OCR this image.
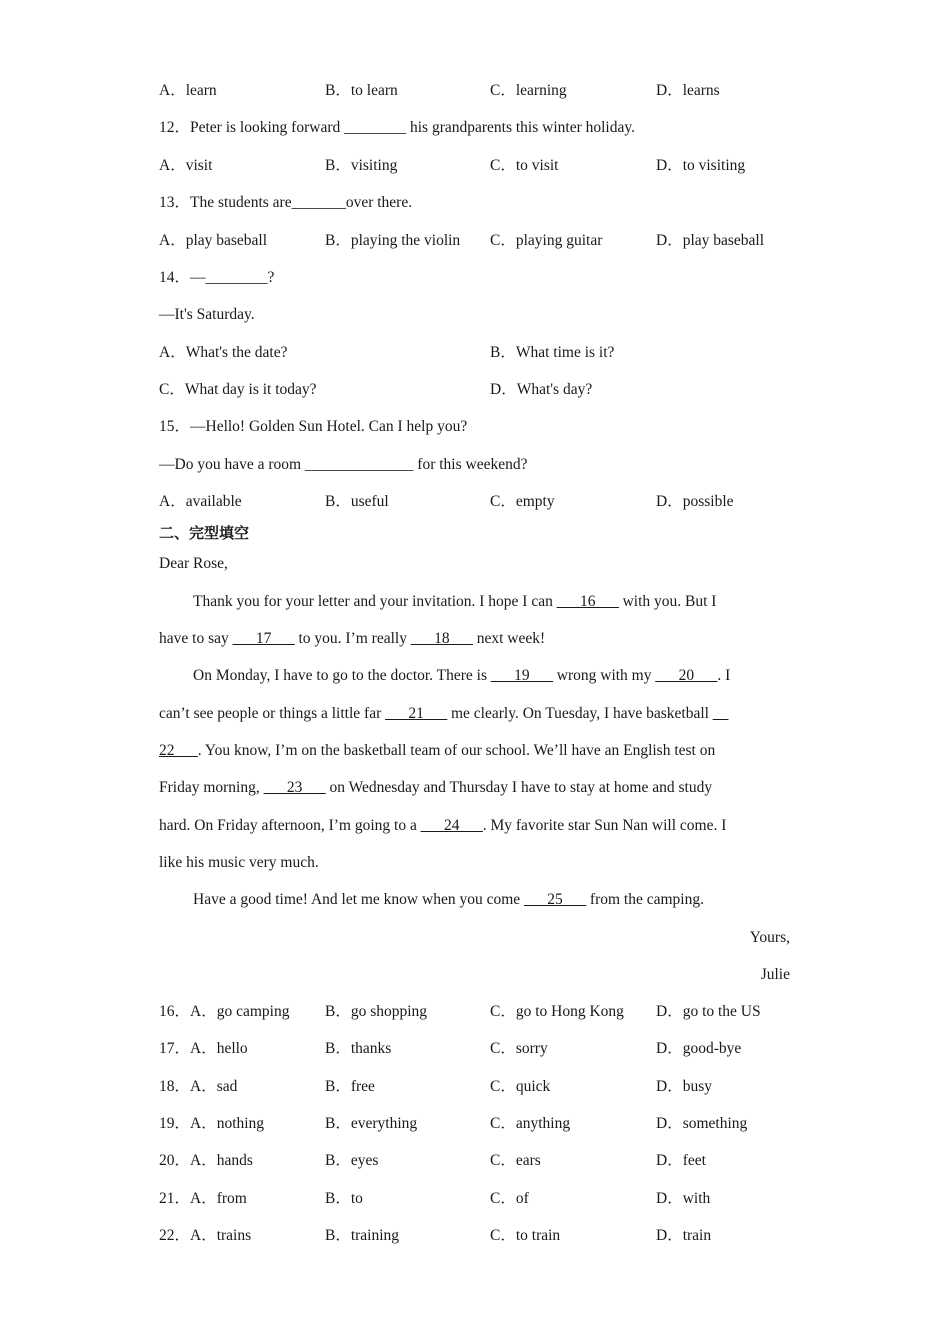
A．learn	B．to learn	C．learning	D．learns
12．Peter is looking forward ________ his grandparents this winter holiday.
A．visit	B．visiting	C．to visit	D．to visiting
13．The students are_______over there.
A．play baseball	B．playing the violin C．playing guitar	D．play baseball
14．—________?
—It's Saturday.
A．What's the date?	B．What time is it?
C．What day is it today?	D．What's day?
15．—Hello! Golden Sun Hotel. Can I help you?
—Do you have a room ______________ for this weekend?
A．available	B．useful	C．empty	D．possible
二、完型填空
Dear Rose,
Thank you for your letter and your invitation. I hope I can ___16___ with you. But I
have to say ___17___ to you. I’m really ___18___ next week!
On Monday, I have to go to the doctor. There is ___19___ wrong with my ___20___. I
can’t see people or things a little far ___21___ me clearly. On Tuesday, I have basketball __
22___. You know, I’m on the basketball team of our school. We’ll have an English test on
Friday morning, ___23___ on Wednesday and Thursday I have to stay at home and study
hard. On Friday afternoon, I’m going to a ___24___. My favorite star Sun Nan will come. I
like his music very much.
Have a good time! And let me know when you come ___25___ from the camping.
Yours,
Julie
16．A．go camping B．go shopping	C．go to Hong Kong D．go to the US
17．A．hello	B．thanks	C．sorry	D．good-bye
18．A．sad	B．free	C．quick	D．busy
19．A．nothing	B．everything	C．anything	D．something
20．A．hands	B．eyes	C．ears	D．feet
21．A．from	B．to	C．of	D．with
22．A．trains	B．training	C．to train	D．train
